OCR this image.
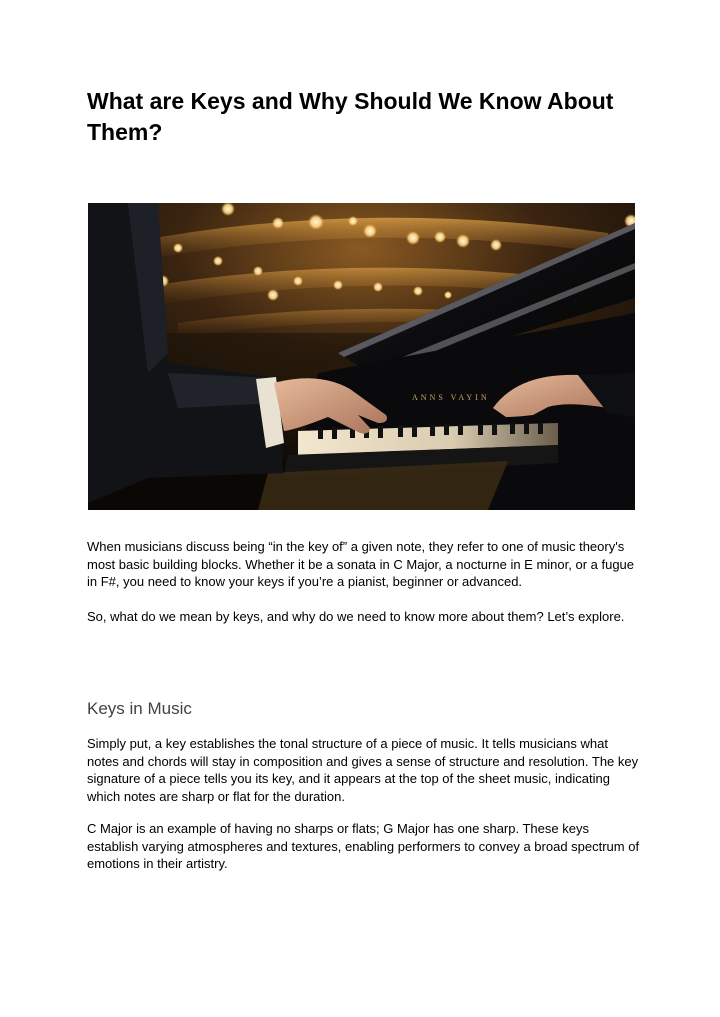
What are Keys and Why Should We Know About Them?
ANNS VAYIN

When musicians discuss being “in the key of” a given note, they refer to one of music theory's most basic building blocks. Whether it be a sonata in C Major, a nocturne in E minor, or a fugue in F#, you need to know your keys if you’re a pianist, beginner or advanced.

So, what do we mean by keys, and why do we need to know more about them? Let’s explore.

Keys in Music

Simply put, a key establishes the tonal structure of a piece of music. It tells musicians what notes and chords will stay in composition and gives a sense of structure and resolution. The key signature of a piece tells you its key, and it appears at the top of the sheet music, indicating which notes are sharp or flat for the duration.

C Major is an example of having no sharps or flats; G Major has one sharp. These keys establish varying atmospheres and textures, enabling performers to convey a broad spectrum of emotions in their artistry.
